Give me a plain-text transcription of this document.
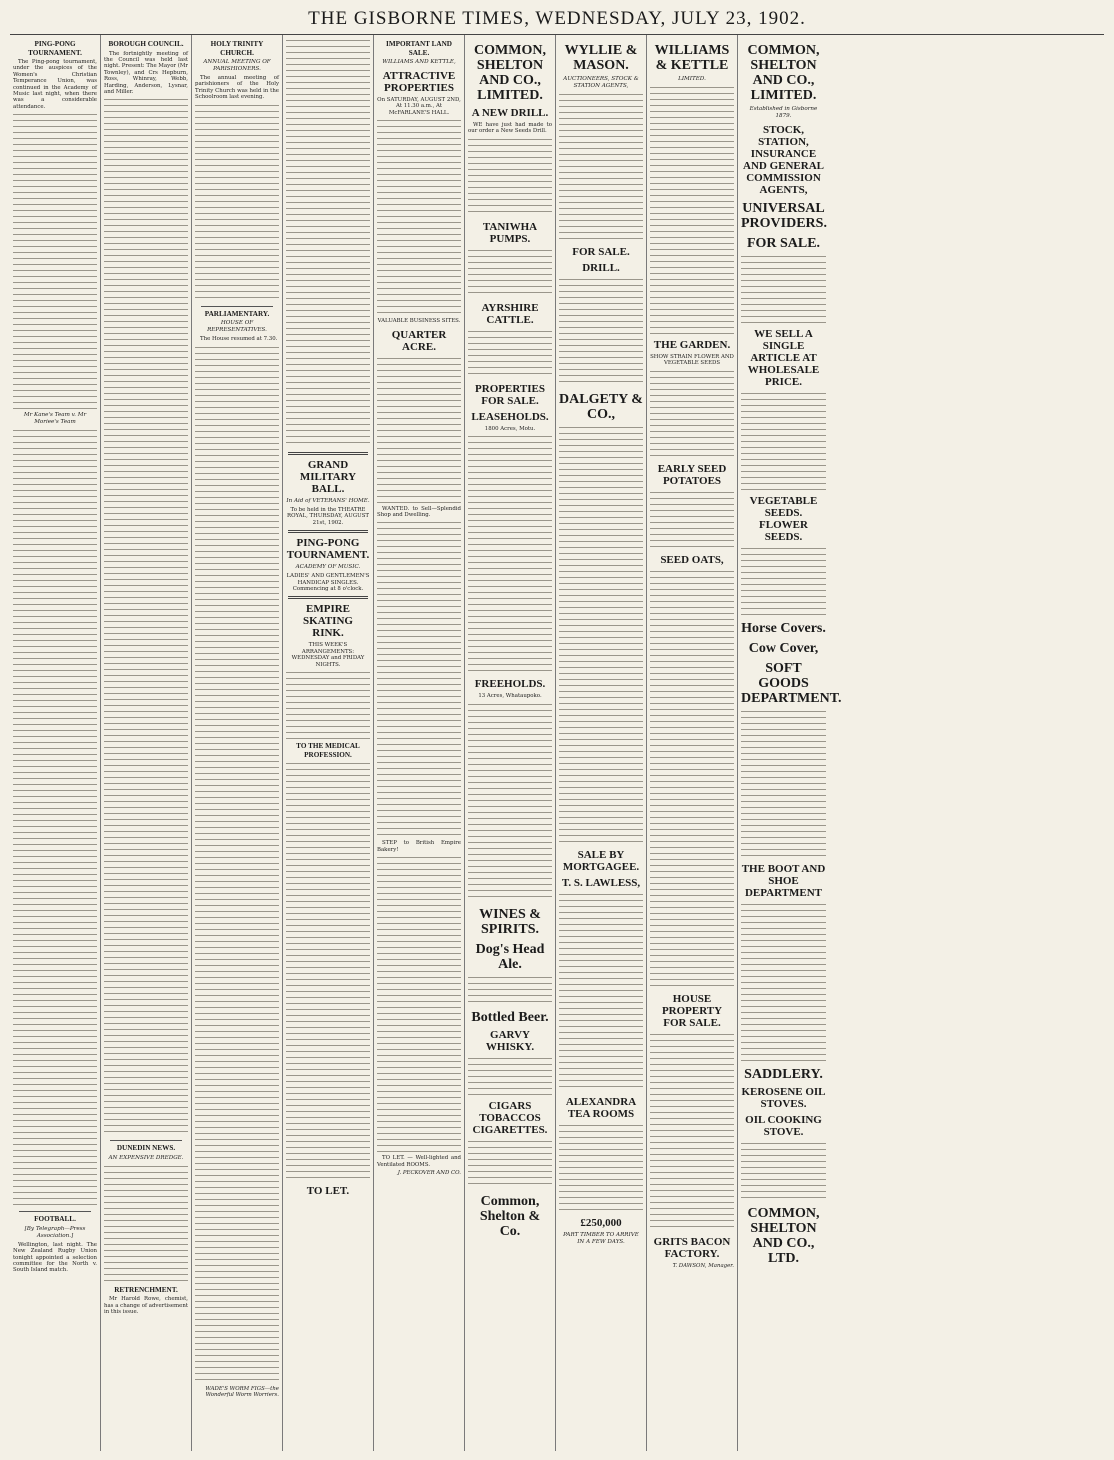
THE GISBORNE TIMES, WEDNESDAY, JULY 23, 1902.
PING-PONG TOURNAMENT.

The Ping-pong tournament, under the auspices of the Women's Christian Temperance Union, was continued in the Academy of Music last night, when there was a considerable attendance.

Mr Kane's Team v. Mr Moriee's Team
FOOTBALL.
[By Telegraph—Press Association.]

Wellington, last night. The New Zealand Rugby Union tonight appointed a selection committee for the North v. South Island match.

BOROUGH COUNCIL.

The fortnightly meeting of the Council was held last night. Present: The Mayor (Mr Townley), and Crs Hepburn, Ross, Whinray, Webb, Harding, Anderson, Lysnar, and Miller.

DUNEDIN NEWS.
AN EXPENSIVE DREDGE.
RETRENCHMENT.

Mr Harold Rowe, chemist, has a change of advertisement in this issue.

HOLY TRINITY CHURCH.
ANNUAL MEETING OF PARISHIONERS.

The annual meeting of parishioners of the Holy Trinity Church was held in the Schoolroom last evening.

PARLIAMENTARY.
HOUSE OF REPRESENTATIVES.

The House resumed at 7.30.

WADE'S WORM FIGS—the Wonderful Worm Worriers.
GRAND MILITARY BALL.
In Aid of VETERANS' HOME.

To be held in the THEATRE ROYAL, THURSDAY, AUGUST 21st, 1902.

PING-PONG TOURNAMENT.
ACADEMY OF MUSIC.

LADIES' AND GENTLEMEN'S HANDICAP SINGLES. Commencing at 8 o'clock.

EMPIRE SKATING RINK.

THIS WEEK'S ARRANGEMENTS: WEDNESDAY and FRIDAY NIGHTS.

TO THE MEDICAL PROFESSION.
TO LET.
IMPORTANT LAND SALE.
WILLIAMS AND KETTLE,
ATTRACTIVE PROPERTIES

On SATURDAY, AUGUST 2ND, At 11.30 a.m., At McFARLANE'S HALL.

VALUABLE BUSINESS SITES.

QUARTER ACRE.

WANTED. to Sell—Splendid Shop and Dwelling.

STEP to British Empire Bakery!

TO LET. — Well-lighted and Ventilated ROOMS.

J. PECKOVER AND CO.
COMMON, SHELTON AND CO., LIMITED.
A NEW DRILL.

WE have just had made to our order a New Seeds Drill.

TANIWHA PUMPS.
AYRSHIRE CATTLE.
PROPERTIES FOR SALE.
LEASEHOLDS.

1800 Acres, Motu.

FREEHOLDS.

13 Acres, Whataupoko.

WINES & SPIRITS.
Dog's Head Ale.
Bottled Beer.
GARVY WHISKY.
CIGARS TOBACCOS CIGARETTES.
Common, Shelton & Co.
WYLLIE & MASON.
AUCTIONEERS, STOCK & STATION AGENTS,
FOR SALE.
DRILL.
DALGETY & CO.,
SALE BY MORTGAGEE.
T. S. LAWLESS,
ALEXANDRA TEA ROOMS
£250,000
PART TIMBER TO ARRIVE IN A FEW DAYS.
WILLIAMS & KETTLE
LIMITED.
THE GARDEN.

SHOW STRAIN FLOWER AND VEGETABLE SEEDS

EARLY SEED POTATOES
SEED OATS,
HOUSE PROPERTY FOR SALE.
GRITS BACON FACTORY.
T. DAWSON, Manager.
COMMON, SHELTON AND CO., LIMITED.
Established in Gisborne 1879.
STOCK, STATION, INSURANCE AND GENERAL COMMISSION AGENTS,
UNIVERSAL PROVIDERS.
FOR SALE.
WE SELL A SINGLE ARTICLE AT WHOLESALE PRICE.
VEGETABLE SEEDS. FLOWER SEEDS.
Horse Covers.
Cow Cover,
SOFT GOODS DEPARTMENT.
THE BOOT AND SHOE DEPARTMENT
SADDLERY.
KEROSENE OIL STOVES.
OIL COOKING STOVE.
COMMON, SHELTON AND CO., LTD.
